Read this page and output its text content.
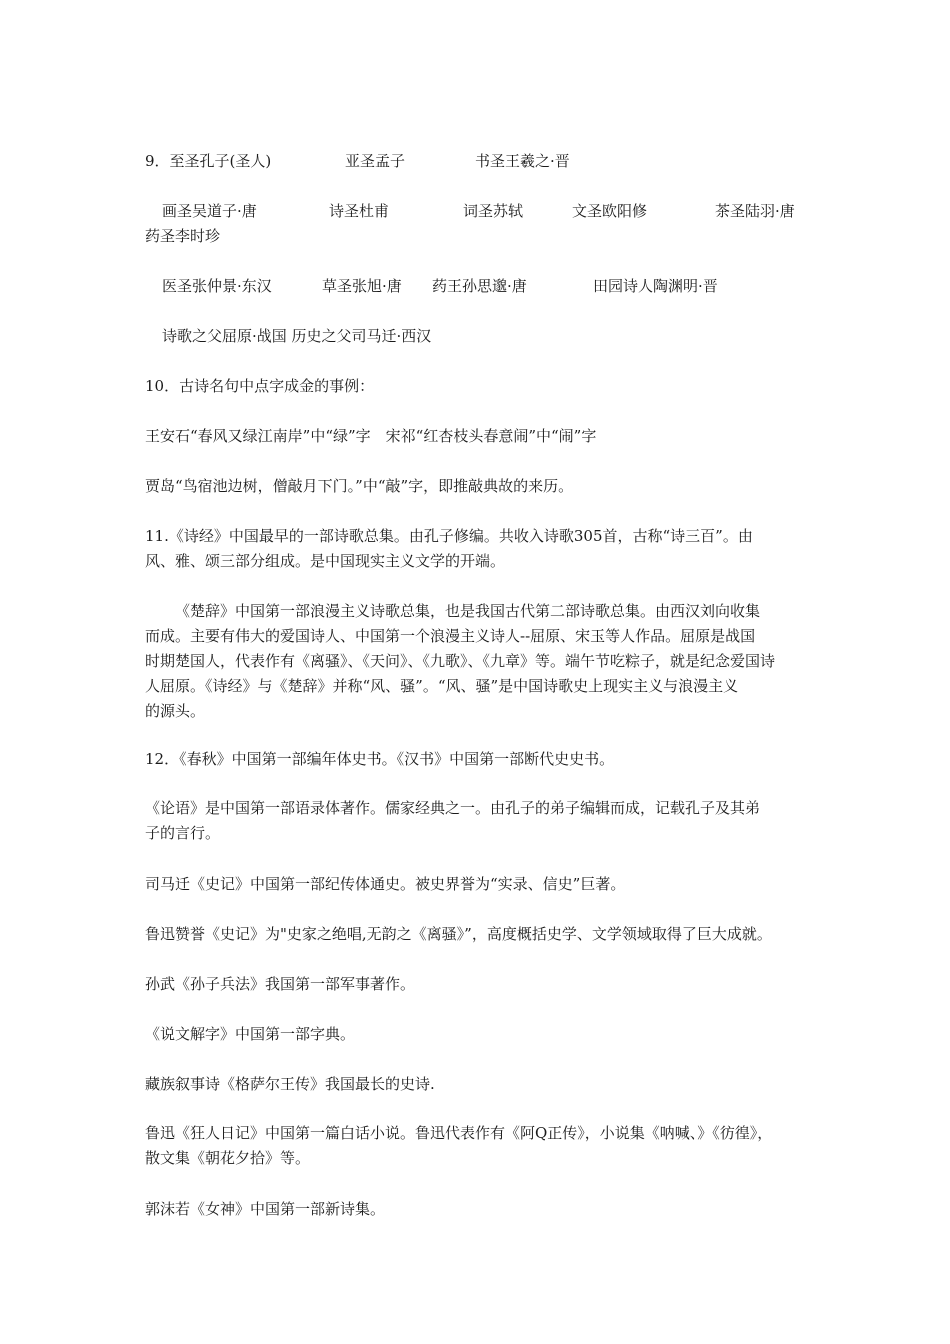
9．至圣孔子(圣人)	亚圣孟子	书圣王羲之·晋
画圣吴道子·唐	诗圣杜甫	词圣苏轼	文圣欧阳修	茶圣陆羽·唐
药圣李时珍
医圣张仲景·东汉	草圣张旭·唐 药王孙思邈·唐	田园诗人陶渊明·晋
诗歌之父屈原·战国 历史之父司马迁·西汉
10．古诗名句中点字成金的事例：
王安石“春风又绿江南岸”中“绿”字　宋祁“红杏枝头春意闹”中“闹”字
贾岛“鸟宿池边树，僧敲月下门。”中“敲”字，即推敲典故的来历。
11.《诗经》中国最早的一部诗歌总集。由孔子修编。共收入诗歌305首，古称“诗三百”。由
风、雅、颂三部分组成。是中国现实主义文学的开端。
《楚辞》中国第一部浪漫主义诗歌总集，也是我国古代第二部诗歌总集。由西汉刘向收集
而成。主要有伟大的爱国诗人、中国第一个浪漫主义诗人--屈原、宋玉等人作品。屈原是战国
时期楚国人，代表作有《离骚》、《天问》、《九歌》、《九章》等。端午节吃粽子，就是纪念爱国诗
人屈原。《诗经》与《楚辞》并称“风、骚”。“风、骚”是中国诗歌史上现实主义与浪漫主义
的源头。
12．《春秋》中国第一部编年体史书。《汉书》中国第一部断代史史书。
《论语》是中国第一部语录体著作。儒家经典之一。由孔子的弟子编辑而成，记载孔子及其弟
子的言行。
司马迁《史记》中国第一部纪传体通史。被史界誉为“实录、信史”巨著。
鲁迅赞誉《史记》为"史家之绝唱,无韵之《离骚》”，高度概括史学、文学领域取得了巨大成就。
孙武《孙子兵法》我国第一部军事著作。
《说文解字》中国第一部字典。
藏族叙事诗《格萨尔王传》我国最长的史诗.
鲁迅《狂人日记》中国第一篇白话小说。鲁迅代表作有《阿Q正传》，小说集《呐喊、》《彷徨》，
散文集《朝花夕拾》等。
郭沫若《女神》中国第一部新诗集。
